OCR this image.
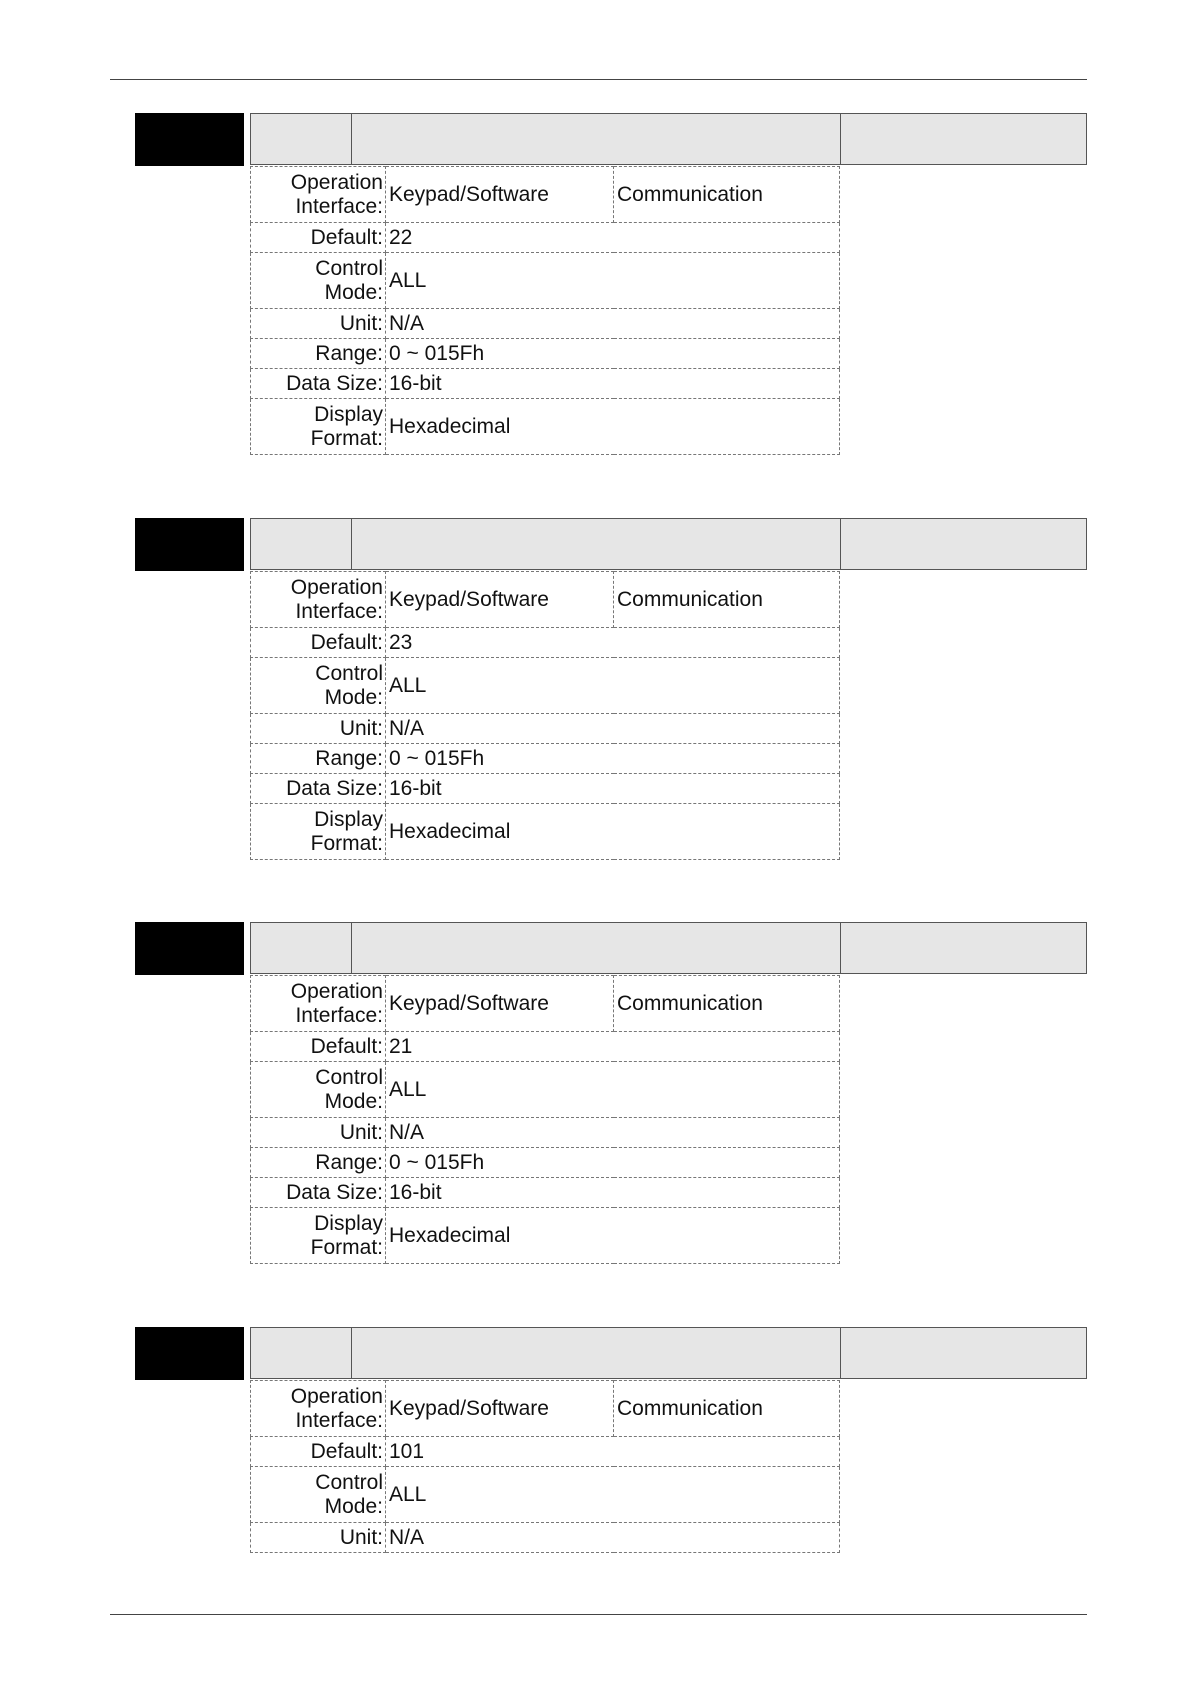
Operation Interface:	Keypad/Software	Communication
Default:	22	
Control Mode:	ALL	
Unit:	N/A	
Range:	0 ~ 015Fh	
Data Size:	16-bit	
Display Format:	Hexadecimal	
Operation Interface:	Keypad/Software	Communication
Default:	23	
Control Mode:	ALL	
Unit:	N/A	
Range:	0 ~ 015Fh	
Data Size:	16-bit	
Display Format:	Hexadecimal	
Operation Interface:	Keypad/Software	Communication
Default:	21	
Control Mode:	ALL	
Unit:	N/A	
Range:	0 ~ 015Fh	
Data Size:	16-bit	
Display Format:	Hexadecimal	
Operation Interface:	Keypad/Software	Communication
Default:	101	
Control Mode:	ALL	
Unit:	N/A	
